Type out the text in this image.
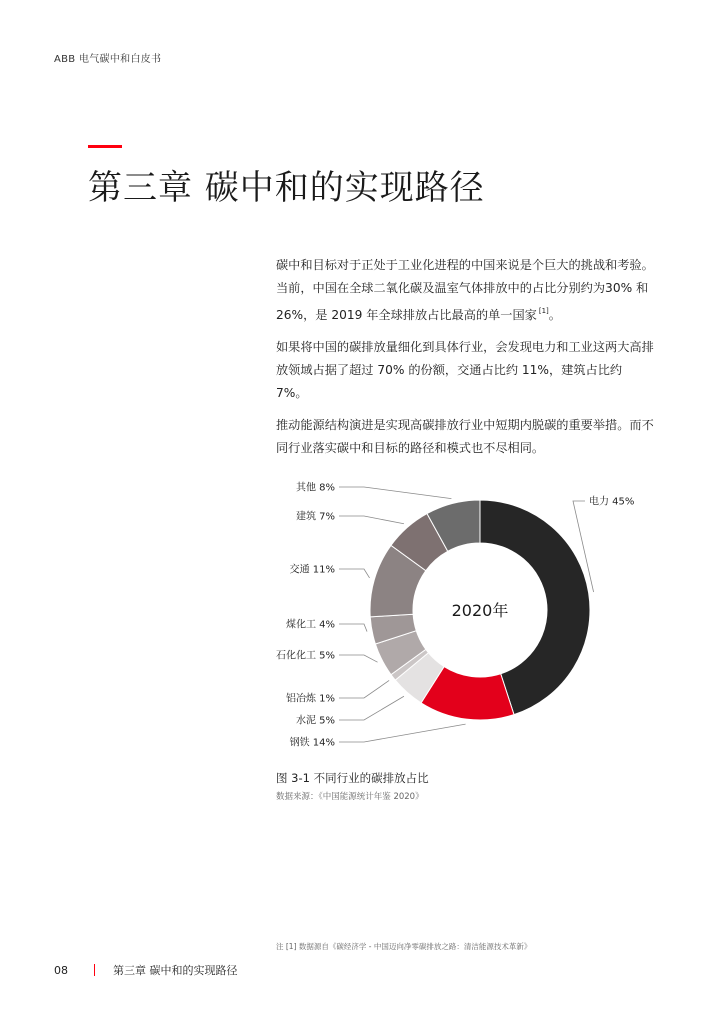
ABB 电气碳中和白皮书
第三章 碳中和的实现路径

碳中和目标对于正处于工业化进程的中国来说是个巨大的挑战和考验。当前，中国在全球二氧化碳及温室气体排放中的占比分别约为30% 和 26%，是 2019 年全球排放占比最高的单一国家 [1]。

如果将中国的碳排放量细化到具体行业，会发现电力和工业这两大高排放领域占据了超过 70% 的份额，交通占比约 11%，建筑占比约 7%。

推动能源结构演进是实现高碳排放行业中短期内脱碳的重要举措。而不同行业落实碳中和目标的路径和模式也不尽相同。

电力 45%
钢铁 14%
水泥 5%
铝冶炼 1%
石化化工 5%
煤化工 4%
交通 11%
建筑 7%
其他 8%
2020年
图 3-1 不同行业的碳排放占比
数据来源：《中国能源统计年鉴 2020》
注 [1] 数据源自《碳经济学 - 中国迈向净零碳排放之路：清洁能源技术革新》
08	第三章 碳中和的实现路径
